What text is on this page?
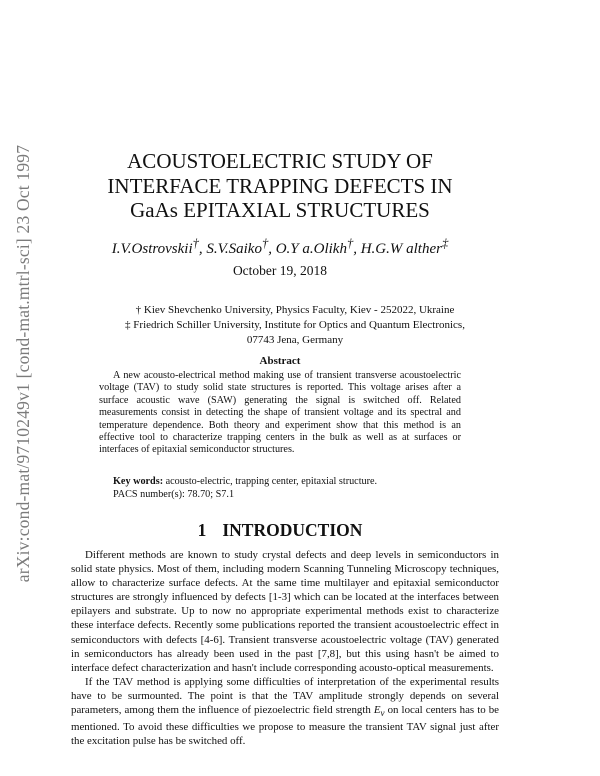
arXiv:cond-mat/9710249v1 [cond-mat.mtrl-sci] 23 Oct 1997	ACOUSTOELECTRIC STUDY OF
INTERFACE TRAPPING DEFECTS IN
GaAs EPITAXIAL STRUCTURES
I.V.Ostrovskii†, S.V.Saiko†, O.Y a.Olikh†, H.G.W alther‡
October 19, 2018
† Kiev Shevchenko University, Physics Faculty, Kiev - 252022, Ukraine
‡ Friedrich Schiller University, Institute for Optics and Quantum Electronics,
07743 Jena, Germany
Abstract
A new acousto-electrical method making use of transient transverse acoustoelectric voltage (TAV) to study solid state structures is reported. This voltage arises after a surface acoustic wave (SAW) generating the signal is switched off. Related measurements consist in detecting the shape of transient voltage and its spectral and temperature dependence. Both theory and experiment show that this method is an effective tool to characterize trapping centers in the bulk as well as at surfaces or interfaces of epitaxial semiconductor structures.
Key words: acousto-electric, trapping center, epitaxial structure.
PACS number(s): 78.70; S7.1
1 INTRODUCTION

Different methods are known to study crystal defects and deep levels in semiconductors in solid state physics. Most of them, including modern Scanning Tunneling Microscopy techniques, allow to characterize surface defects. At the same time multilayer and epitaxial semiconductor structures are strongly influenced by defects [1-3] which can be located at the interfaces between epilayers and substrate. Up to now no appropriate experimental methods exist to characterize these interface defects. Recently some publications reported the transient acoustoelectric effect in semiconductors with defects [4-6]. Transient transverse acoustoelectric voltage (TAV) generated in semiconductors has already been used in the past [7,8], but this using hasn't be aimed to interface defect characterization and hasn't include corresponding acousto-optical measurements.

If the TAV method is applying some difficulties of interpretation of the experimental results have to be surmounted. The point is that the TAV amplitude strongly depends on several parameters, among them the influence of piezoelectric field strength $E_v$ on local centers has to be mentioned. To avoid these difficulties we propose to measure the transient TAV signal just after the excitation pulse has be switched off.
